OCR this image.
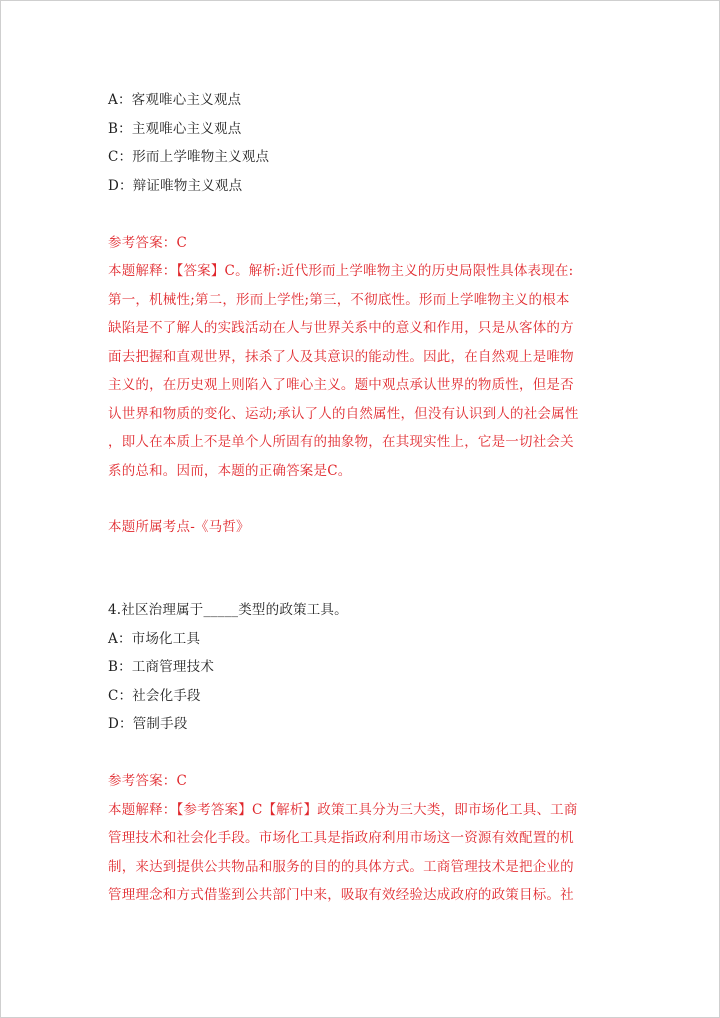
A：客观唯心主义观点
B：主观唯心主义观点
C：形而上学唯物主义观点
D：辩证唯物主义观点
参考答案：C
本题解释：【答案】C。解析:近代形而上学唯物主义的历史局限性具体表现在:
第一，机械性;第二，形而上学性;第三，不彻底性。形而上学唯物主义的根本
缺陷是不了解人的实践活动在人与世界关系中的意义和作用，只是从客体的方
面去把握和直观世界，抹杀了人及其意识的能动性。因此，在自然观上是唯物
主义的，在历史观上则陷入了唯心主义。题中观点承认世界的物质性，但是否
认世界和物质的变化、运动;承认了人的自然属性，但没有认识到人的社会属性
，即人在本质上不是单个人所固有的抽象物，在其现实性上，它是一切社会关
系的总和。因而，本题的正确答案是C。
本题所属考点-《马哲》
4.社区治理属于_____类型的政策工具。
A：市场化工具
B：工商管理技术
C：社会化手段
D：管制手段
参考答案：C
本题解释：【参考答案】C【解析】政策工具分为三大类，即市场化工具、工商
管理技术和社会化手段。市场化工具是指政府利用市场这一资源有效配置的机
制，来达到提供公共物品和服务的目的的具体方式。工商管理技术是把企业的
管理理念和方式借鉴到公共部门中来，吸取有效经验达成政府的政策目标。社
